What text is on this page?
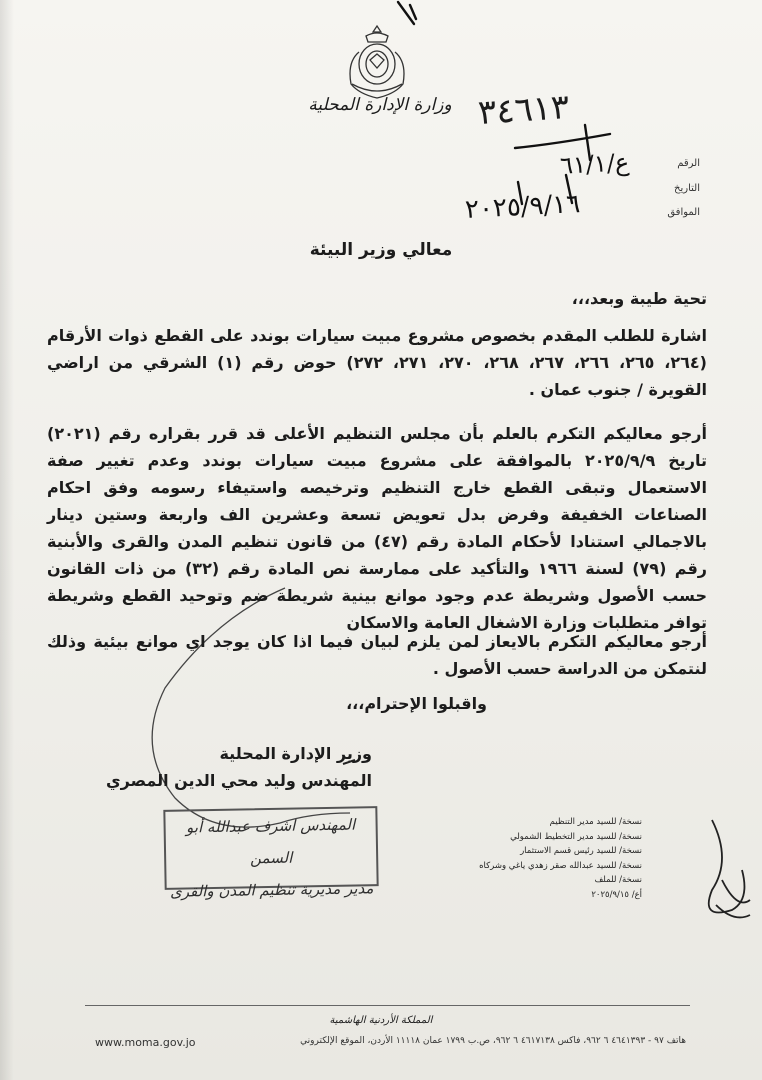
وزارة الإدارة المحلية ٣٤٦١٣
الرقم
التاريخ
الموافق
ع/٦١/١
٢٠٢٥/٩/١٦
معالي وزير البيئة
تحية طيبة وبعد،،،
اشارة للطلب المقدم بخصوص مشروع مبيت سيارات بوندد على القطع ذوات الأرقام (٢٦٤، ٢٦٥، ٢٦٦، ٢٦٧، ٢٦٨، ٢٧٠، ٢٧١، ٢٧٢) حوض رقم (١) الشرقي من اراضي القويرة / جنوب عمان .
أرجو معاليكم التكرم بالعلم بأن مجلس التنظيم الأعلى قد قرر بقراره رقم (٢٠٢١) تاريخ ٢٠٢٥/٩/٩ بالموافقة على مشروع مبيت سيارات بوندد وعدم تغيير صفة الاستعمال وتبقى القطع خارج التنظيم وترخيصه واستيفاء رسومه وفق احكام الصناعات الخفيفة وفرض بدل تعويض تسعة وعشرين الف واربعة وستين دينار بالاجمالي استنادا لأحكام المادة رقم (٤٧) من قانون تنظيم المدن والقرى والأبنية رقم (٧٩) لسنة ١٩٦٦ والتأكيد على ممارسة نص المادة رقم (٣٢) من ذات القانون حسب الأصول وشريطة عدم وجود موانع بينية شريطة ضم وتوحيد القطع وشريطة توافر متطلبات وزارة الاشغال العامة والاسكان
أرجو معاليكم التكرم بالايعاز لمن يلزم لبيان فيما اذا كان يوجد اي موانع بيئية وذلك لنتمكن من الدراسة حسب الأصول .
واقبلوا الإحترام،،،
وزير الإدارة المحلية
المهندس وليد محي الدين المصري
المهندس اشرف عبدالله أبو السمن
مدير مديرية تنظيم المدن والقرى
نسخة/ للسيد مدير التنظيم
نسخة/ للسيد مدير التخطيط الشمولي
نسخة/ للسيد رئيس قسم الاستثمار
نسخة/ للسيد عبدالله صقر زهدي ياغي وشركاه
نسخة/ للملف
أع/ ٢٠٢٥/٩/١٥
المملكة الأردنية الهاشمية
هاتف ٩٧ - ٤٦٤١٣٩٣ ٦ ٩٦٢، فاكس ٤٦١٧١٣٨ ٦ ٩٦٢، ص.ب ١٧٩٩ عمان ١١١١٨ الأردن، الموقع الإلكتروني
www.moma.gov.jo
